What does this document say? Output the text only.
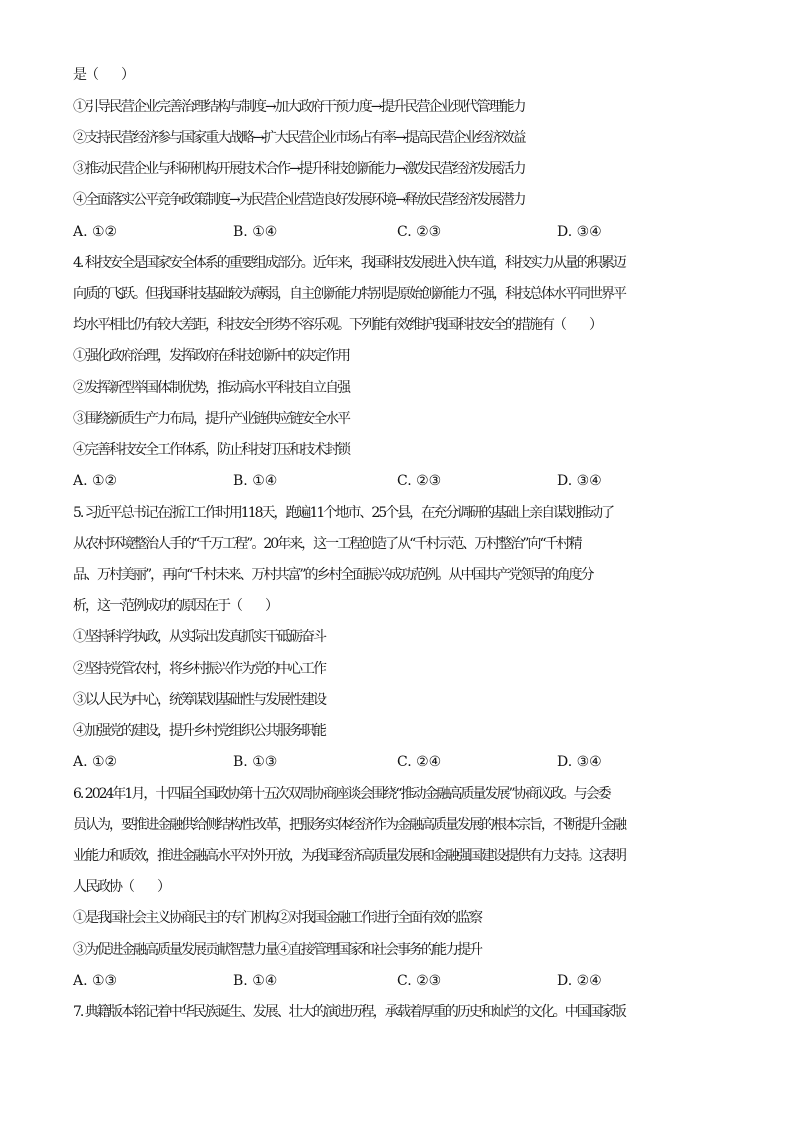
是（　　）
①引导民营企业完善治理结构与制度→加大政府干预力度→提升民营企业现代管理能力
②支持民营经济参与国家重大战略→扩大民营企业市场占有率→提高民营企业经济效益
③推动民营企业与科研机构开展技术合作→提升科技创新能力→激发民营经济发展活力
④全面落实公平竞争政策制度→为民营企业营造良好发展环境→释放民营经济发展潜力
A. ①②	B. ①④	C. ②③	D. ③④
4. 科技安全是国家安全体系的重要组成部分。近年来，我国科技发展进入快车道，科技实力从量的积累迈
向质的飞跃。但我国科技基础较为薄弱，自主创新能力特别是原始创新能力不强，科技总体水平同世界平
均水平相比仍有较大差距，科技安全形势不容乐观。下列能有效维护我国科技安全的措施有（　　）
①强化政府治理，发挥政府在科技创新中的决定作用
②发挥新型举国体制优势，推动高水平科技自立自强
③围绕新质生产力布局，提升产业链供应链安全水平
④完善科技安全工作体系，防止科技打压和技术封锁
A. ①②	B. ①④	C. ②③	D. ③④
5. 习近平总书记在浙江工作时用118天，跑遍11个地市、25个县，在充分调研的基础上亲自谋划推动了
从农村环境整治人手的“千万工程”。20年来，这一工程创造了从“千村示范、万村整治”向“千村精
品、万村美丽”，再向“千村未来、万村共富”的乡村全面振兴成功范例。从中国共产党领导的角度分
析，这一范例成功的原因在于（　　）
①坚持科学执政，从实际出发真抓实干砥砺奋斗
②坚持党管农村，将乡村振兴作为党的中心工作
③以人民为中心，统筹谋划基础性与发展性建设
④加强党的建设，提升乡村党组织公共服务职能
A. ①②	B. ①③	C. ②④	D. ③④
6. 2024年1月，十四届全国政协第十五次双周协商座谈会围绕“推动金融高质量发展”协商议政。与会委
员认为，要推进金融供给侧结构性改革，把服务实体经济作为金融高质量发展的根本宗旨，不断提升金融
业能力和质效，推进金融高水平对外开放，为我国经济高质量发展和金融强国建设提供有力支持。这表明
人民政协（　　）
①是我国社会主义协商民主的专门机构②对我国金融工作进行全面有效的监察
③为促进金融高质量发展贡献智慧力量④直接管理国家和社会事务的能力提升
A. ①③	B. ①④	C. ②③	D. ②④
7. 典籍版本铭记着中华民族诞生、发展、壮大的演进历程，承载着厚重的历史和灿烂的文化。中国国家版
